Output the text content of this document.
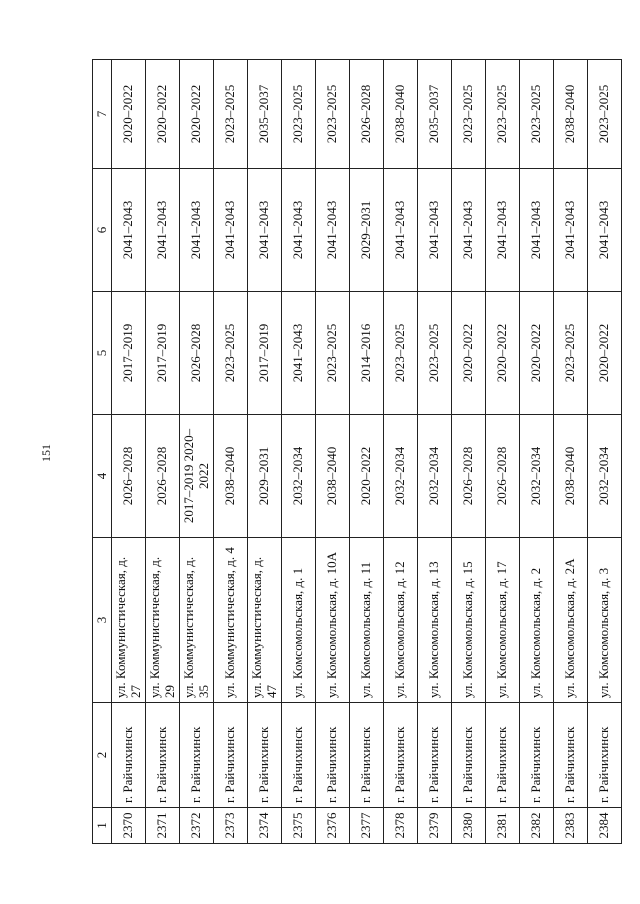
151
1	2	3	4	5	6	7
2370	г. Райчихинск	ул. Коммунистическая, д. 27	2026–2028	2017–2019	2041–2043	2020–2022
2371	г. Райчихинск	ул. Коммунистическая, д. 29	2026–2028	2017–2019	2041–2043	2020–2022
2372	г. Райчихинск	ул. Коммунистическая, д. 35	2017–2019 2020–2022	2026–2028	2041–2043	2020–2022
2373	г. Райчихинск	ул. Коммунистическая, д. 4	2038–2040	2023–2025	2041–2043	2023–2025
2374	г. Райчихинск	ул. Коммунистическая, д. 47	2029–2031	2017–2019	2041–2043	2035–2037
2375	г. Райчихинск	ул. Комсомольская, д. 1	2032–2034	2041–2043	2041–2043	2023–2025
2376	г. Райчихинск	ул. Комсомольская, д. 10А	2038–2040	2023–2025	2041–2043	2023–2025
2377	г. Райчихинск	ул. Комсомольская, д. 11	2020–2022	2014–2016	2029–2031	2026–2028
2378	г. Райчихинск	ул. Комсомольская, д. 12	2032–2034	2023–2025	2041–2043	2038–2040
2379	г. Райчихинск	ул. Комсомольская, д. 13	2032–2034	2023–2025	2041–2043	2035–2037
2380	г. Райчихинск	ул. Комсомольская, д. 15	2026–2028	2020–2022	2041–2043	2023–2025
2381	г. Райчихинск	ул. Комсомольская, д. 17	2026–2028	2020–2022	2041–2043	2023–2025
2382	г. Райчихинск	ул. Комсомольская, д. 2	2032–2034	2020–2022	2041–2043	2023–2025
2383	г. Райчихинск	ул. Комсомольская, д. 2А	2038–2040	2023–2025	2041–2043	2038–2040
2384	г. Райчихинск	ул. Комсомольская, д. 3	2032–2034	2020–2022	2041–2043	2023–2025
